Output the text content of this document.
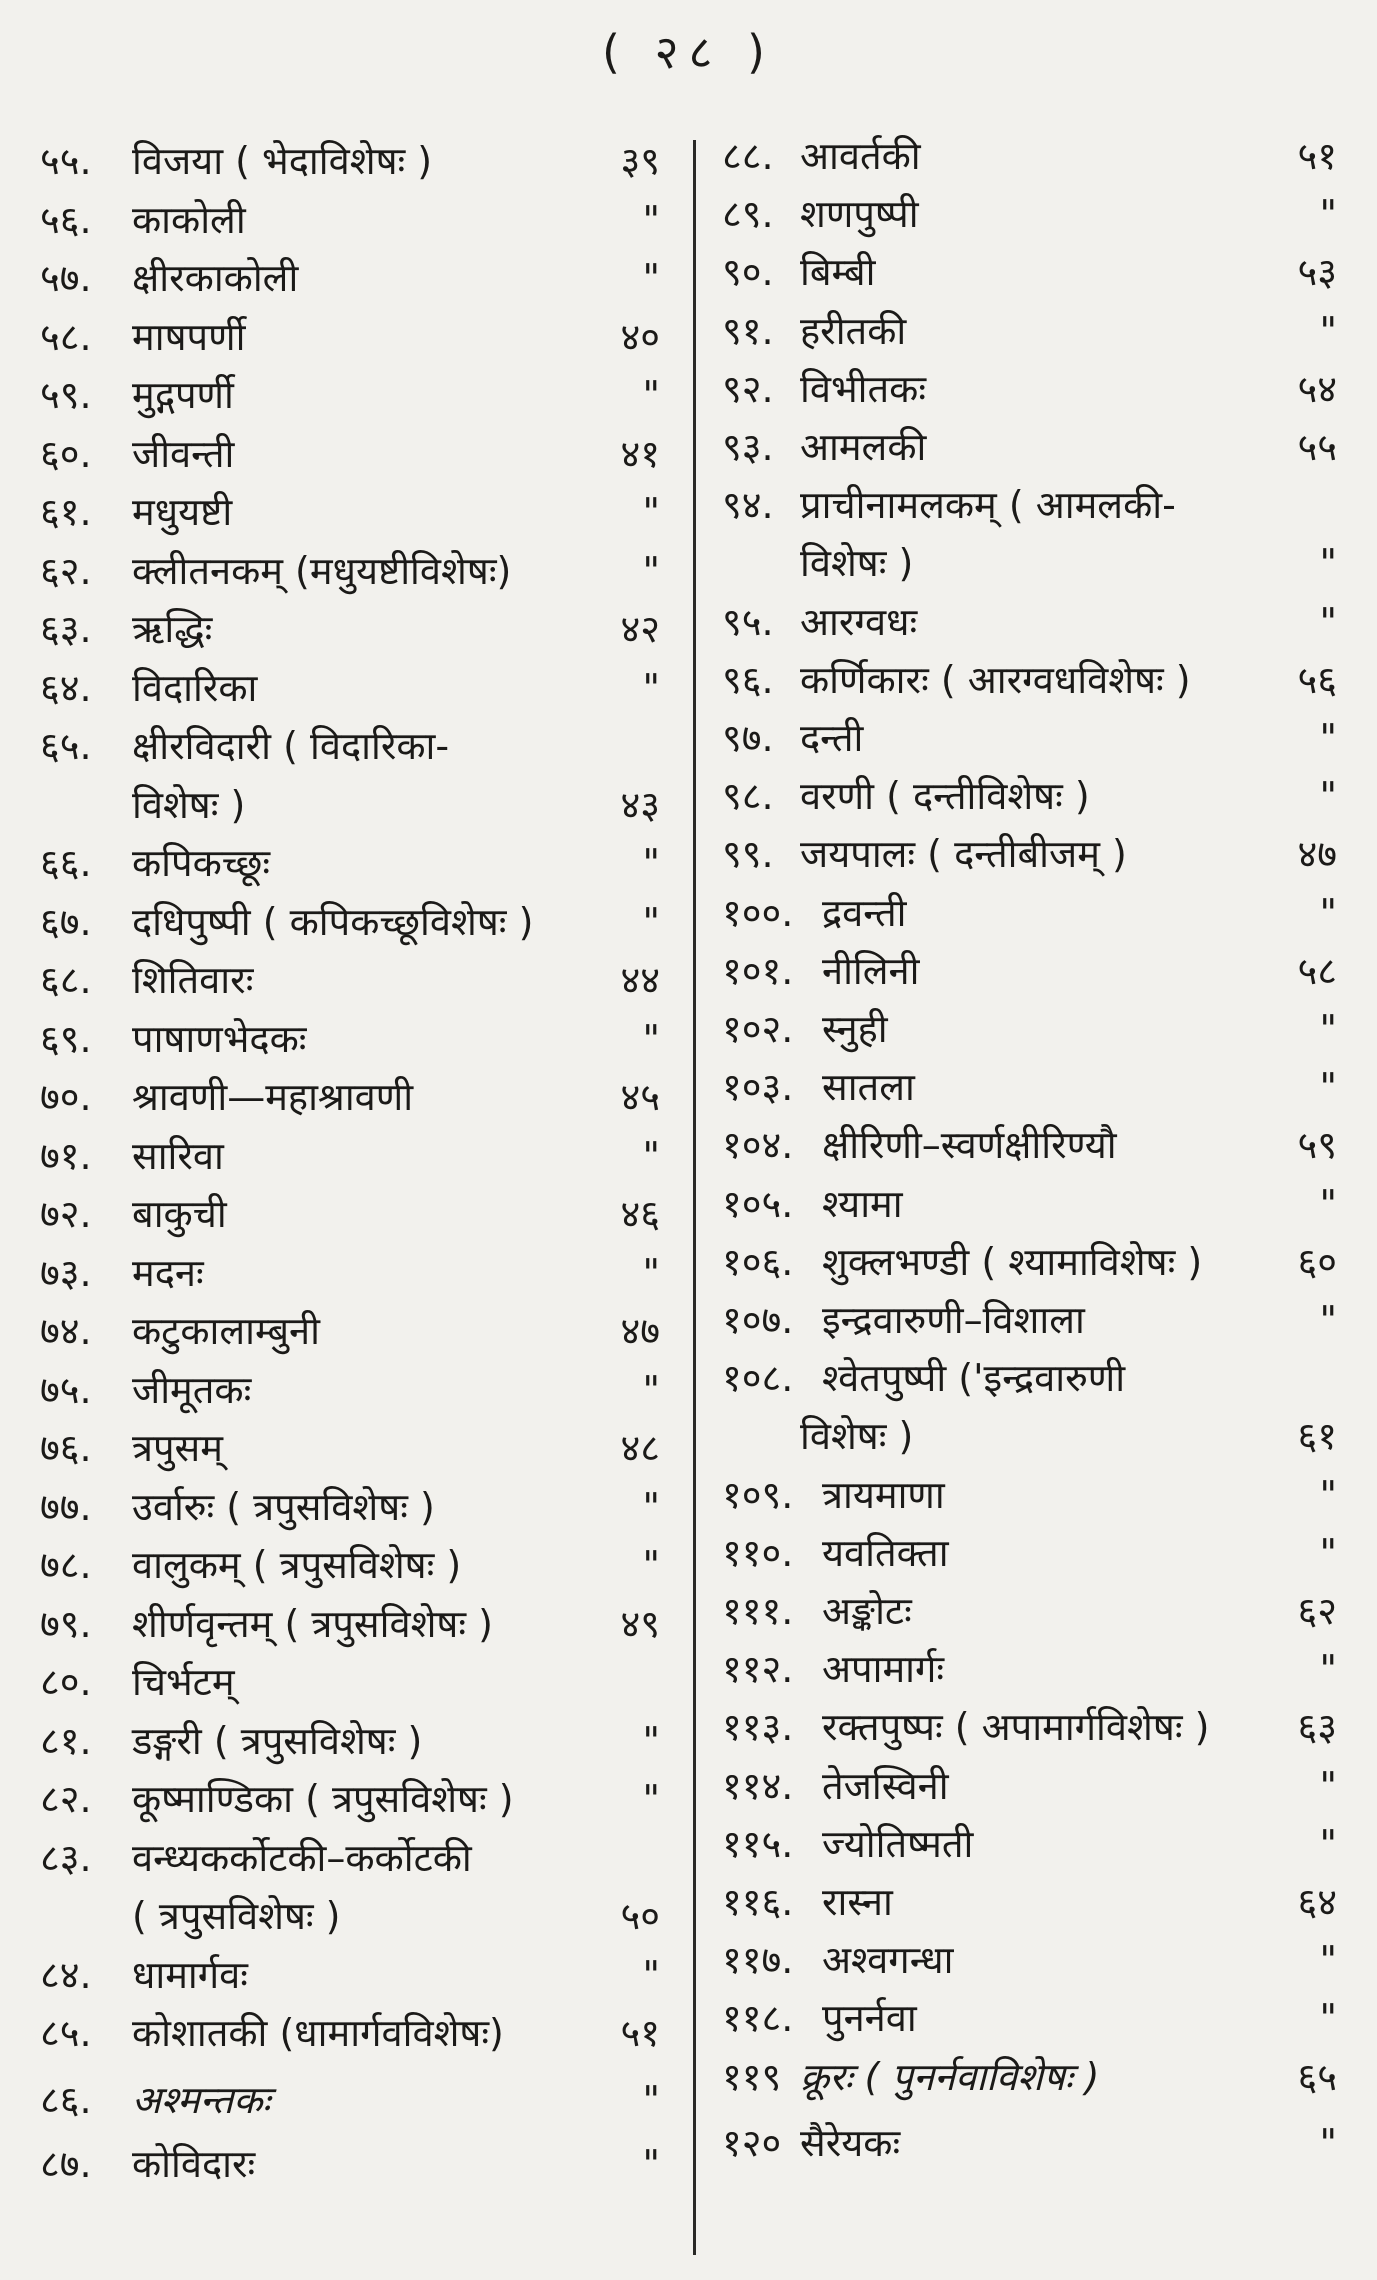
( २८ )
५५. विजया ( भेदाविशेषः )	३९
५६. काकोली	"
५७. क्षीरकाकोली	"
५८. माषपर्णी	४०
५९. मुद्गपर्णी	"
६०. जीवन्ती	४१
६१. मधुयष्टी	"
६२. क्लीतनकम् (मधुयष्टीविशेषः)	"
६३. ऋद्धिः	४२
६४. विदारिका	"
६५. क्षीरविदारी ( विदारिका-
विशेषः )	४३
६६. कपिकच्छूः	"
६७. दधिपुष्पी ( कपिकच्छूविशेषः )	"
६८. शितिवारः	४४
६९. पाषाणभेदकः	"
७०. श्रावणी—महाश्रावणी	४५
७१. सारिवा	"
७२. बाकुची	४६
७३. मदनः	"
७४. कटुकालाम्बुनी	४७
७५. जीमूतकः	"
७६. त्रपुसम्	४८
७७. उर्वारुः ( त्रपुसविशेषः )	"
७८. वालुकम् ( त्रपुसविशेषः )	"
७९. शीर्णवृन्तम् ( त्रपुसविशेषः )	४९
८०. चिर्भटम्
८१. डङ्गरी ( त्रपुसविशेषः )	"
८२. कूष्माण्डिका ( त्रपुसविशेषः )	"
८३. वन्ध्यकर्कोटकी–कर्कोटकी
( त्रपुसविशेषः )	५०
८४. धामार्गवः	"
८५. कोशातकी (धामार्गवविशेषः)	५१
८६. अश्मन्तकः	"
८७. कोविदारः	"
८८. आवर्तकी	५१
८९. शणपुष्पी	"
९०. बिम्बी	५३
९१. हरीतकी	"
९२. विभीतकः	५४
९३. आमलकी	५५
९४. प्राचीनामलकम् ( आमलकी-
विशेषः )	"
९५. आरग्वधः	"
९६. कर्णिकारः ( आरग्वधविशेषः )	५६
९७. दन्ती	"
९८. वरणी ( दन्तीविशेषः )	"
९९. जयपालः ( दन्तीबीजम् )	४७
१००. द्रवन्ती	"
१०१. नीलिनी	५८
१०२. स्नुही	"
१०३. सातला	"
१०४. क्षीरिणी–स्वर्णक्षीरिण्यौ	५९
१०५. श्यामा	"
१०६. शुक्लभण्डी ( श्यामाविशेषः )	६०
१०७. इन्द्रवारुणी–विशाला	"
१०८. श्वेतपुष्पी ('इन्द्रवारुणी
विशेषः )	६१
१०९. त्रायमाणा	"
११०. यवतिक्ता	"
१११. अङ्कोटः	६२
११२. अपामार्गः	"
११३. रक्तपुष्पः ( अपामार्गविशेषः ) ६३
११४. तेजस्विनी	"
११५. ज्योतिष्मती	"
११६. रास्ना	६४
११७. अश्वगन्धा	"
११८. पुनर्नवा	"
११९ क्रूरः ( पुनर्नवाविशेषः )	६५
१२० सैरेयकः	"
